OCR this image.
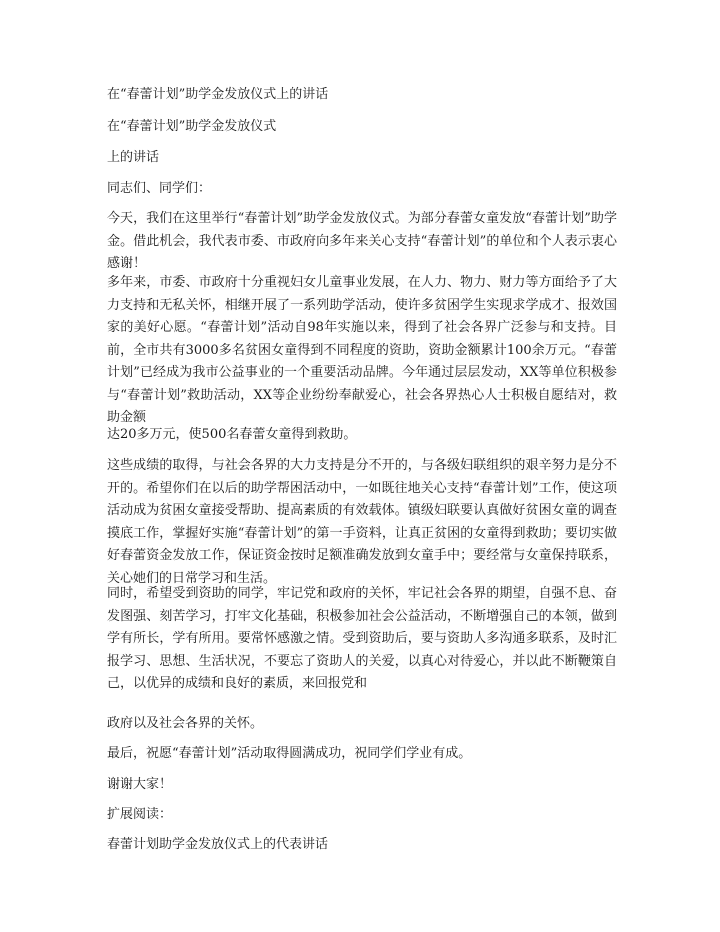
在“春蕾计划”助学金发放仪式上的讲话

在“春蕾计划”助学金发放仪式

上的讲话

同志们、同学们：

今天，我们在这里举行“春蕾计划”助学金发放仪式。为部分春蕾女童发放“春蕾计划”助学金。借此机会，我代表市委、市政府向多年来关心支持“春蕾计划”的单位和个人表示衷心感谢！

多年来，市委、市政府十分重视妇女儿童事业发展，在人力、物力、财力等方面给予了大力支持和无私关怀，相继开展了一系列助学活动，使许多贫困学生实现求学成才、报效国家的美好心愿。“春蕾计划”活动自98年实施以来，得到了社会各界广泛参与和支持。目前，全市共有3000多名贫困女童得到不同程度的资助，资助金额累计100余万元。“春蕾计划”已经成为我市公益事业的一个重要活动品牌。今年通过层层发动，XX等单位积极参与“春蕾计划”救助活动，XX等企业纷纷奉献爱心，社会各界热心人士积极自愿结对，救助金额

达20多万元，使500名春蕾女童得到救助。

这些成绩的取得，与社会各界的大力支持是分不开的，与各级妇联组织的艰辛努力是分不开的。希望你们在以后的助学帮困活动中，一如既往地关心支持“春蕾计划”工作，使这项活动成为贫困女童接受帮助、提高素质的有效载体。镇级妇联要认真做好贫困女童的调查摸底工作，掌握好实施“春蕾计划”的第一手资料，让真正贫困的女童得到救助；要切实做好春蕾资金发放工作，保证资金按时足额准确发放到女童手中；要经常与女童保持联系，关心她们的日常学习和生活。

同时，希望受到资助的同学，牢记党和政府的关怀，牢记社会各界的期望，自强不息、奋发图强、刻苦学习，打牢文化基础，积极参加社会公益活动，不断增强自己的本领，做到学有所长，学有所用。要常怀感激之情。受到资助后，要与资助人多沟通多联系，及时汇报学习、思想、生活状况，不要忘了资助人的关爱，以真心对待爱心，并以此不断鞭策自己，以优异的成绩和良好的素质，来回报党和

政府以及社会各界的关怀。

最后，祝愿“春蕾计划”活动取得圆满成功，祝同学们学业有成。

谢谢大家！

扩展阅读：

春蕾计划助学金发放仪式上的代表讲话
